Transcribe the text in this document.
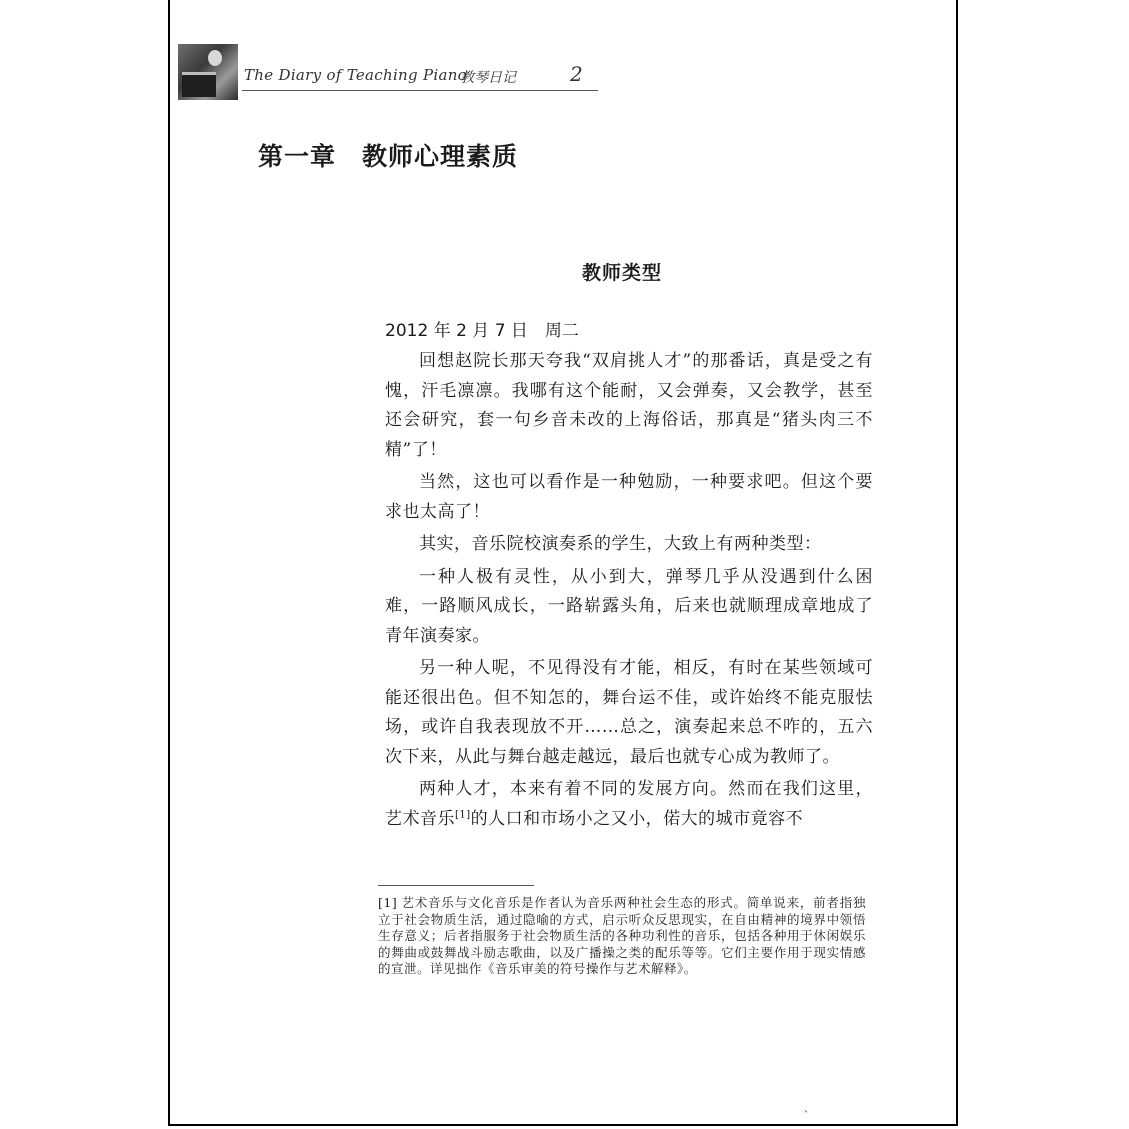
The Diary of Teaching Piano
教琴日记	2
第一章　教师心理素质
教师类型
2012 年 2 月 7 日　周二

回想赵院长那天夸我“双肩挑人才”的那番话，真是受之有愧，汗毛凛凛。我哪有这个能耐，又会弹奏，又会教学，甚至还会研究，套一句乡音未改的上海俗话，那真是“猪头肉三不精”了！

当然，这也可以看作是一种勉励，一种要求吧。但这个要求也太高了！

其实，音乐院校演奏系的学生，大致上有两种类型：

一种人极有灵性，从小到大，弹琴几乎从没遇到什么困难，一路顺风成长，一路崭露头角，后来也就顺理成章地成了青年演奏家。

另一种人呢，不见得没有才能，相反，有时在某些领域可能还很出色。但不知怎的，舞台运不佳，或许始终不能克服怯场，或许自我表现放不开……总之，演奏起来总不咋的，五六次下来，从此与舞台越走越远，最后也就专心成为教师了。

两种人才，本来有着不同的发展方向。然而在我们这里，艺术音乐[1]的人口和市场小之又小，偌大的城市竟容不

[1] 艺术音乐与文化音乐是作者认为音乐两种社会生态的形式。简单说来，前者指独立于社会物质生活，通过隐喻的方式，启示听众反思现实，在自由精神的境界中领悟生存意义；后者指服务于社会物质生活的各种功利性的音乐，包括各种用于休闲娱乐的舞曲或鼓舞战斗励志歌曲，以及广播操之类的配乐等等。它们主要作用于现实情感的宣泄。详见拙作《音乐审美的符号操作与艺术解释》。
、
